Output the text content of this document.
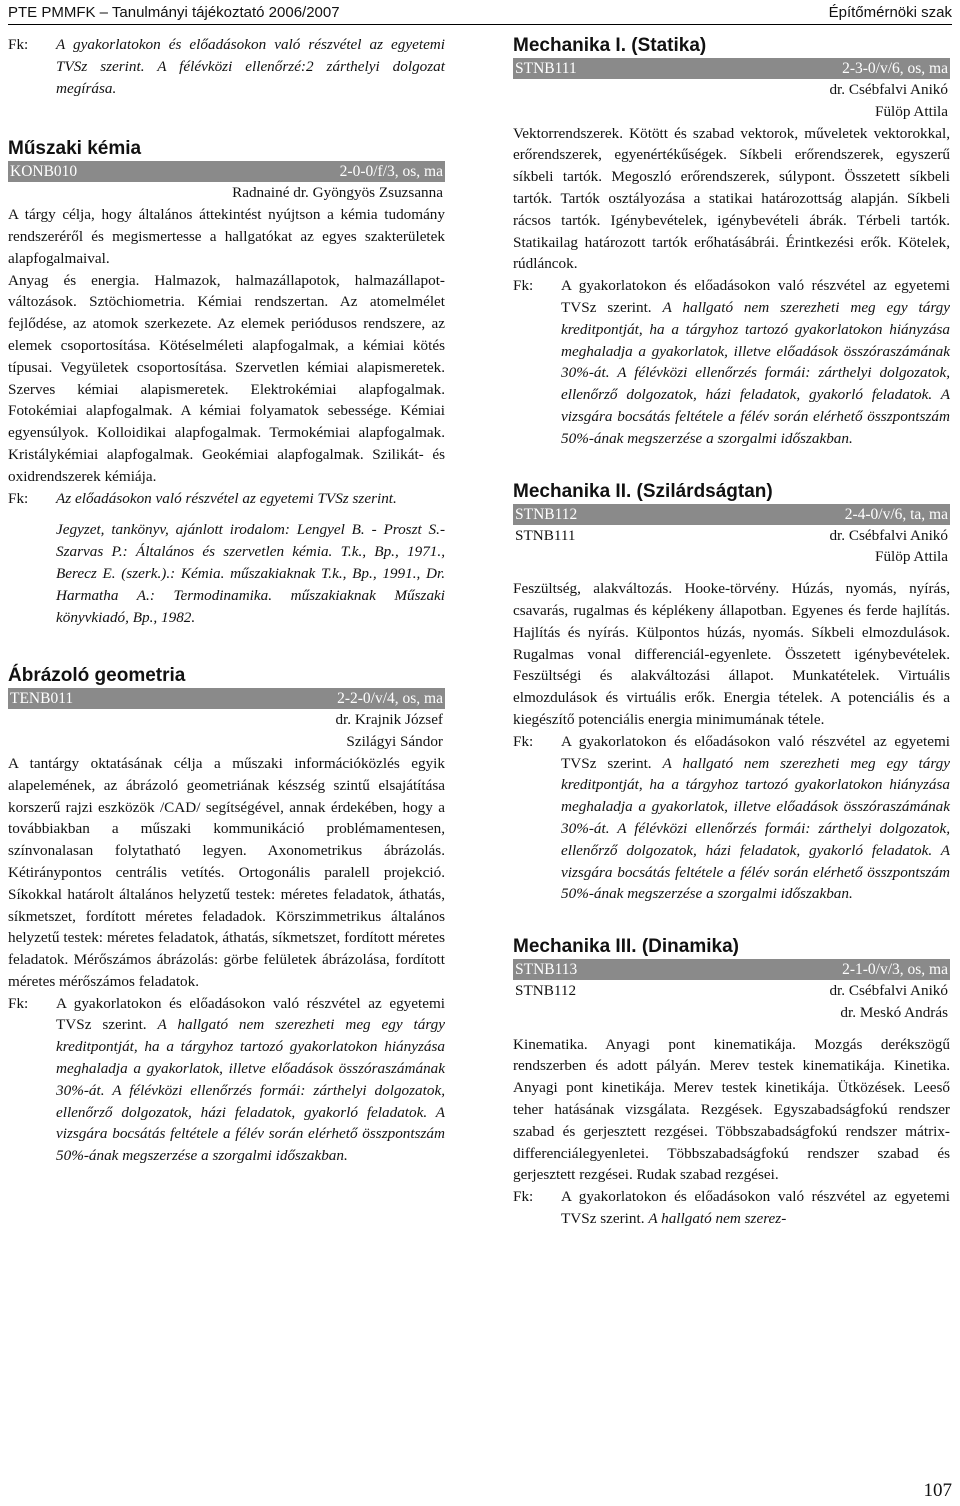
PTE PMMFK – Tanulmányi tájékoztató 2006/2007	Építőmérnöki szak
Fk:	A gyakorlatokon és előadásokon való részvétel az egyetemi TVSz szerint. A félévközi ellenőrzé:2 zárthelyi dolgozat megírása.
Műszaki kémia
KONB010	2-0-0/f/3, os, ma
Radnainé dr. Gyöngyös Zsuzsanna

A tárgy célja, hogy általános áttekintést nyújtson a kémia tudomány rendszeréről és megismertesse a hallgatókat az egyes szakterületek alapfogalmaival.

Anyag és energia. Halmazok, halmazállapotok, halmazállapot-változások. Sztöchiometria. Kémiai rendszertan. Az atomelmélet fejlődése, az atomok szerkezete. Az elemek periódusos rendszere, az elemek csoportosítása. Kötéselméleti alapfogalmak, a kémiai kötés típusai. Vegyületek csoportosítása. Szervetlen kémiai alapismeretek. Szerves kémiai alapismeretek. Elektrokémiai alapfogalmak. Fotokémiai alapfogalmak. A kémiai folyamatok sebessége. Kémiai egyensúlyok. Kolloidikai alapfogalmak. Termokémiai alapfogalmak. Kristálykémiai alapfogalmak. Geokémiai alapfogalmak. Szilikát- és oxidrendszerek kémiája.

Fk:	Az előadásokon való részvétel az egyetemi TVSz szerint.

Jegyzet, tankönyv, ajánlott irodalom: Lengyel B. - Proszt S.-Szarvas P.: Általános és szervetlen kémia. T.k., Bp., 1971., Berecz E. (szerk.).: Kémia. műszakiaknak T.k., Bp., 1991., Dr. Harmatha A.: Termodinamika. műszakiaknak Műszaki könyvkiadó, Bp., 1982.

Ábrázoló geometria
TENB011	2-2-0/v/4, os, ma
dr. Krajnik József
Szilágyi Sándor

A tantárgy oktatásának célja a műszaki információközlés egyik alapelemének, az ábrázoló geometriának készség szintű elsajátítása korszerű rajzi eszközök /CAD/ segítségével, annak érdekében, hogy a továbbiakban a műszaki kommunikáció problémamentesen, színvonalasan folytatható legyen. Axonometrikus ábrázolás. Kétiránypontos centrális vetítés. Ortogonális paralell projekció. Síkokkal határolt általános helyzetű testek: méretes feladatok, áthatás, síkmetszet, fordított méretes feladadok. Körszimmetrikus általános helyzetű testek: méretes feladatok, áthatás, síkmetszet, fordított méretes feladatok. Mérőszámos ábrázolás: görbe felületek ábrázolása, fordított méretes mérőszámos feladatok.

Fk:	A gyakorlatokon és előadásokon való részvétel az egyetemi TVSz szerint. A hallgató nem szerezheti meg egy tárgy kreditpontját, ha a tárgyhoz tartozó gyakorlatokon hiányzása meghaladja a gyakorlatok, illetve előadások összóraszámának 30%-át. A félévközi ellenőrzés formái: zárthelyi dolgozatok, ellenőrző dolgozatok, házi feladatok, gyakorló feladatok. A vizsgára bocsátás feltétele a félév során elérhető összpontszám 50%-ának megszerzése a szorgalmi időszakban.
Mechanika I. (Statika)
STNB111	2-3-0/v/6, os, ma
dr. Csébfalvi Anikó
Fülöp Attila

Vektorrendszerek. Kötött és szabad vektorok, műveletek vektorokkal, erőrendszerek, egyenértékűségek. Síkbeli erőrendszerek, egyszerű síkbeli tartók. Megoszló erőrendszerek, súlypont. Összetett síkbeli tartók. Tartók osztályozása a statikai határozottság alapján. Síkbeli rácsos tartók. Igénybevételek, igénybevételi ábrák. Térbeli tartók. Statikailag határozott tartók erőhatásábrái. Érintkezési erők. Kötelek, rúdláncok.

Fk:	A gyakorlatokon és előadásokon való részvétel az egyetemi TVSz szerint. A hallgató nem szerezheti meg egy tárgy kreditpontját, ha a tárgyhoz tartozó gyakorlatokon hiányzása meghaladja a gyakorlatok, illetve előadások összóraszámának 30%-át. A félévközi ellenőrzés formái: zárthelyi dolgozatok, ellenőrző dolgozatok, házi feladatok, gyakorló feladatok. A vizsgára bocsátás feltétele a félév során elérhető összpontszám 50%-ának megszerzése a szorgalmi időszakban.
Mechanika II. (Szilárdságtan)
STNB112	2-4-0/v/6, ta, ma
STNB111	dr. Csébfalvi Anikó
Fülöp Attila

Feszültség, alakváltozás. Hooke-törvény. Húzás, nyomás, nyírás, csavarás, rugalmas és képlékeny állapotban. Egyenes és ferde hajlítás. Hajlítás és nyírás. Külpontos húzás, nyomás. Síkbeli elmozdulások. Rugalmas vonal differenciál-egyenlete. Összetett igénybevételek. Feszültségi és alakváltozási állapot. Munkatételek. Virtuális elmozdulások és virtuális erők. Energia tételek. A potenciális és a kiegészítő potenciális energia minimumának tétele.

Fk:	A gyakorlatokon és előadásokon való részvétel az egyetemi TVSz szerint. A hallgató nem szerezheti meg egy tárgy kreditpontját, ha a tárgyhoz tartozó gyakorlatokon hiányzása meghaladja a gyakorlatok, illetve előadások összóraszámának 30%-át. A félévközi ellenőrzés formái: zárthelyi dolgozatok, ellenőrző dolgozatok, házi feladatok, gyakorló feladatok. A vizsgára bocsátás feltétele a félév során elérhető összpontszám 50%-ának megszerzése a szorgalmi időszakban.
Mechanika III. (Dinamika)
STNB113	2-1-0/v/3, os, ma
STNB112	dr. Csébfalvi Anikó
dr. Meskó András

Kinematika. Anyagi pont kinematikája. Mozgás derékszögű rendszerben és adott pályán. Merev testek kinematikája. Kinetika. Anyagi pont kinetikája. Merev testek kinetikája. Ütközések. Leeső teher hatásának vizsgálata. Rezgések. Egyszabadságfokú rendszer szabad és gerjesztett rezgései. Többszabadságfokú rendszer mátrix-differenciálegyenletei. Többszabadságfokú rendszer szabad és gerjesztett rezgései. Rudak szabad rezgései.

Fk:	A gyakorlatokon és előadásokon való részvétel az egyetemi TVSz szerint. A hallgató nem szerez-
107
